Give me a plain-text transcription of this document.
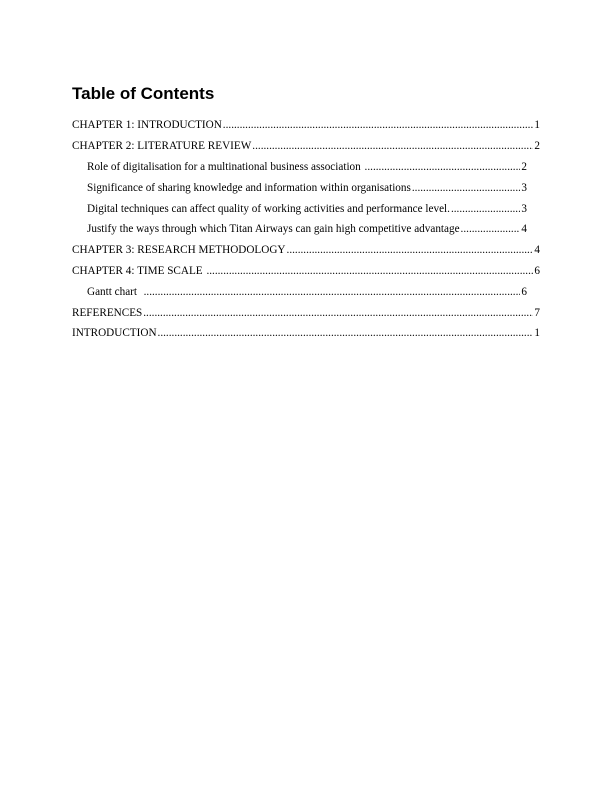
Table of Contents
CHAPTER 1: INTRODUCTION .....	1
CHAPTER 2: LITERATURE REVIEW .....	2
Role of digitalisation for a multinational business association .....	2
Significance of sharing knowledge and information within organisations .....	3
Digital techniques can affect quality of working activities and performance level. .....	3
Justify the ways through which Titan Airways can gain high competitive advantage .....	4
CHAPTER 3: RESEARCH METHODOLOGY .....	4
CHAPTER 4: TIME SCALE .....	6
Gantt chart .....	6
REFERENCES .....	7
INTRODUCTION .....	1
